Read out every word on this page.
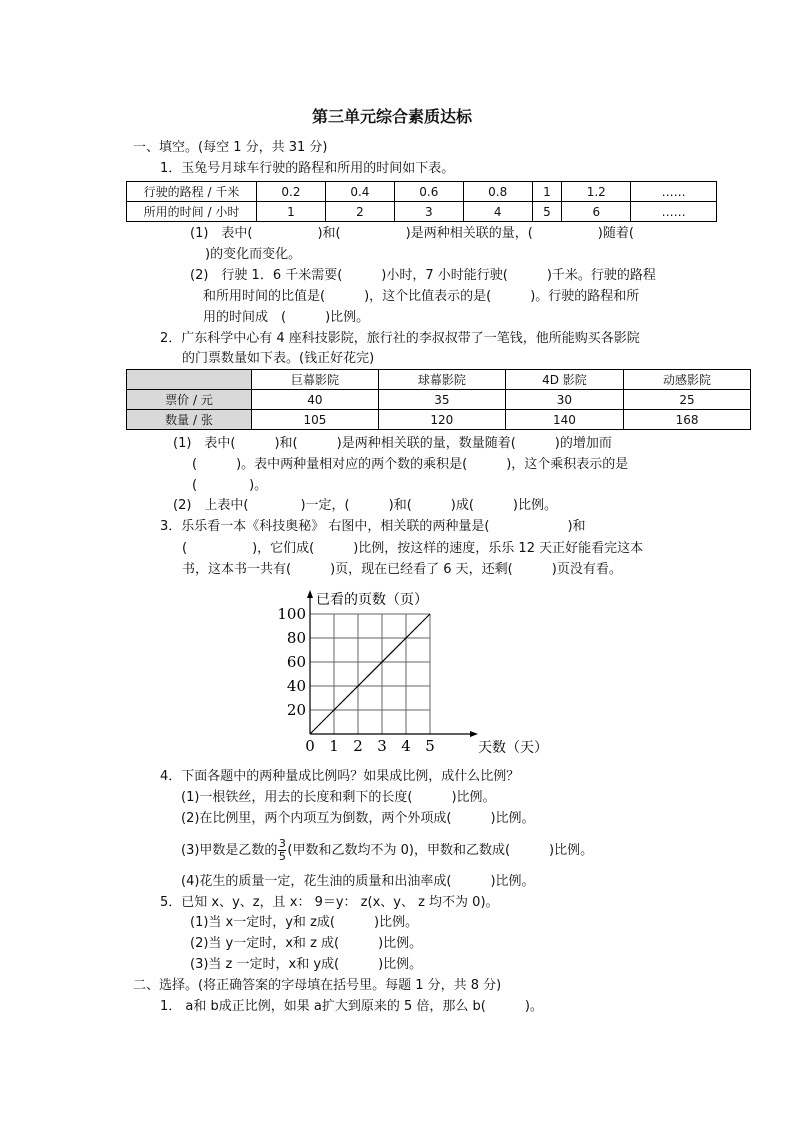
第三单元综合素质达标
一、填空。(每空 1 分，共 31 分)
1．玉兔号月球车行驶的路程和所用的时间如下表。
行驶的路程 / 千米	0.2	0.4	0.6	0.8	1	1.2	……
所用的时间 / 小时	1	2	3	4	5	6	……
(1)　表中(　　　　　)和(　　　　　)是两种相关联的量，(　　　　　)随着(
)的变化而变化。
(2)　行驶 1．6 千米需要(　　　)小时，7 小时能行驶(　　　)千米。行驶的路程
和所用时间的比值是(　　　)，这个比值表示的是(　　　)。行驶的路程和所
用的时间成　(　　　)比例。
2．广东科学中心有 4 座科技影院，旅行社的李叔叔带了一笔钱，他所能购买各影院
的门票数量如下表。(钱正好花完)
	巨幕影院	球幕影院	4D 影院	动感影院
票价 / 元	40	35	30	25
数量 / 张	105	120	140	168
(1)　表中(　　　)和(　　　)是两种相关联的量，数量随着(　　　)的增加而
(　　　)。表中两种量相对应的两个数的乘积是(　　　)，这个乘积表示的是
(　　　　)。
(2)　上表中(　　　　)一定，(　　　)和(　　　)成(　　　)比例。
3．乐乐看一本《科技奥秘》 右图中，相关联的两种量是(　　　　　　)和
(　　　　　)，它们成(　　　)比例，按这样的速度，乐乐 12 天正好能看完这本
书，这本书一共有(　　　)页，现在已经看了 6 天，还剩(　　　)页没有看。
0 1 2 3 4 5
20
40
60
80
100
已看的页数（页）
天数（天）
4．下面各题中的两种量成比例吗？如果成比例，成什么比例？
(1)一根铁丝，用去的长度和剩下的长度(　　　)比例。
(2)在比例里，两个内项互为倒数，两个外项成(　　　)比例。
(3)甲数是乙数的 $\frac{3}{5}$ (甲数和乙数均不为 0)，甲数和乙数成(　　　)比例。
(4)花生的质量一定，花生油的质量和出油率成(　　　)比例。
5．已知 x、y、z，且 x： 9＝y： z(x、y、 z 均不为 0)。
(1)当 x一定时，y和 z成(　　　)比例。
(2)当 y一定时，x和 z 成(　　　)比例。
(3)当 z 一定时，x和 y成(　　　)比例。
二、选择。(将正确答案的字母填在括号里。每题 1 分，共 8 分)
1． a和 b成正比例，如果 a扩大到原来的 5 倍，那么 b(　　　)。
